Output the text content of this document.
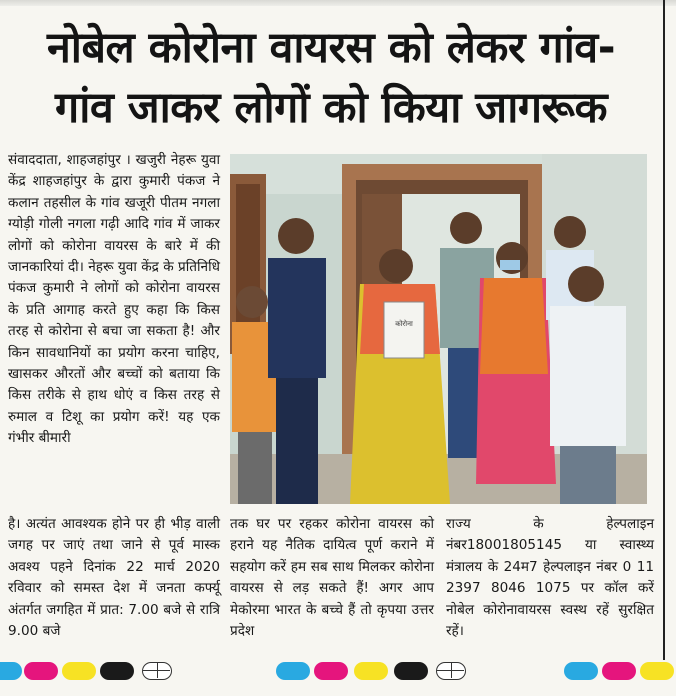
नोबेल कोरोना वायरस को लेकर गांव-
गांव जाकर लोगों को किया जागरूक
संवाददाता, शाहजहांपुर । खजुरी नेहरू युवा केंद्र शाहजहांपुर के द्वारा कुमारी पंकज ने कलान तहसील के गांव खजूरी पीतम नगला ग्योड़ी गोली नगला गढ़ी आदि गांव में जाकर लोगों को कोरोना वायरस के बारे में की जानकारियां दी। नेहरू युवा केंद्र के प्रतिनिधि पंकज कुमारी ने लोगों को कोरोना वायरस के प्रति आगाह करते हुए कहा कि किस तरह से कोरोना से बचा जा सकता है! और किन सावधानियों का प्रयोग करना चाहिए, खासकर औरतों और बच्चों को बताया कि किस तरीके से हाथ धोएं व किस तरह से रुमाल व टिशू का प्रयोग करें! यह एक गंभीर बीमारी
कोरोना
है। अत्यंत आवश्यक होने पर ही भीड़ वाली जगह पर जाएं तथा जाने से पूर्व मास्क अवश्य पहने दिनांक 22 मार्च 2020 रविवार को समस्त देश में जनता कर्फ्यू अंतर्गत जगहित में प्रात: 7.00 बजे से रात्रि 9.00 बजे
तक घर पर रहकर कोरोना वायरस को हराने यह नैतिक दायित्व पूर्ण कराने में सहयोग करें हम सब साथ मिलकर कोरोना वायरस से लड़ सकते हैं! अगर आप मेकोरमा भारत के बच्चे हैं तो कृपया उत्तर प्रदेश
राज्य के हेल्पलाइन नंबर18001805145 या स्वास्थ्य मंत्रालय के 24म7 हेल्पलाइन नंबर 0 11 2397 8046 1075 पर कॉल करें नोबेल कोरोनावायरस स्वस्थ रहें सुरक्षित रहें।
